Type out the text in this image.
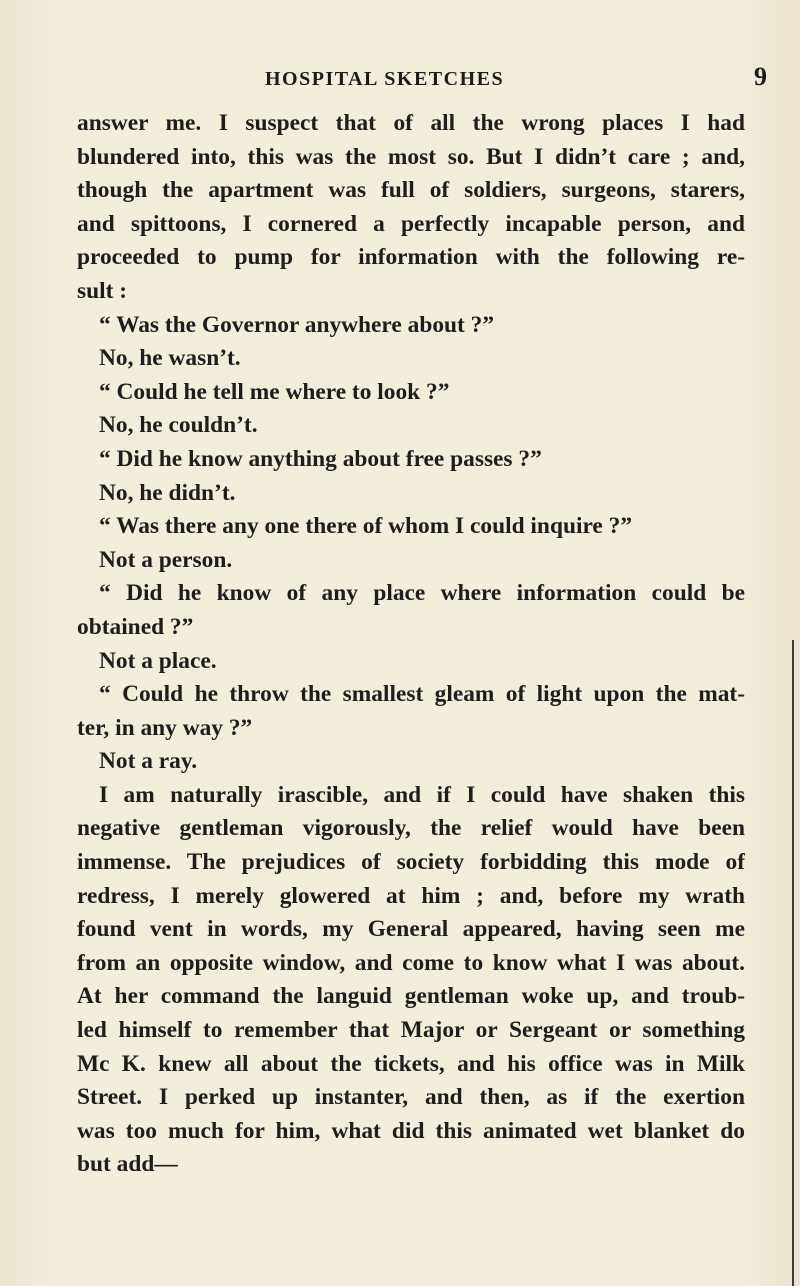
HOSPITAL SKETCHES	9
answer me. I suspect that of all the wrong places I had
blundered into, this was the most so. But I didn’t care ; and,
though the apartment was full of soldiers, surgeons, starers,
and spittoons, I cornered a perfectly incapable person, and
proceeded to pump for information with the following re-
sult :
“ Was the Governor anywhere about ?”
No, he wasn’t.
“ Could he tell me where to look ?”
No, he couldn’t.
“ Did he know anything about free passes ?”
No, he didn’t.
“ Was there any one there of whom I could inquire ?”
Not a person.
“ Did he know of any place where information could be
obtained ?”
Not a place.
“ Could he throw the smallest gleam of light upon the mat-
ter, in any way ?”
Not a ray.
I am naturally irascible, and if I could have shaken this
negative gentleman vigorously, the relief would have been
immense. The prejudices of society forbidding this mode of
redress, I merely glowered at him ; and, before my wrath
found vent in words, my General appeared, having seen me
from an opposite window, and come to know what I was about.
At her command the languid gentleman woke up, and troub-
led himself to remember that Major or Sergeant or something
Mc K. knew all about the tickets, and his office was in Milk
Street. I perked up instanter, and then, as if the exertion
was too much for him, what did this animated wet blanket do
but add—
